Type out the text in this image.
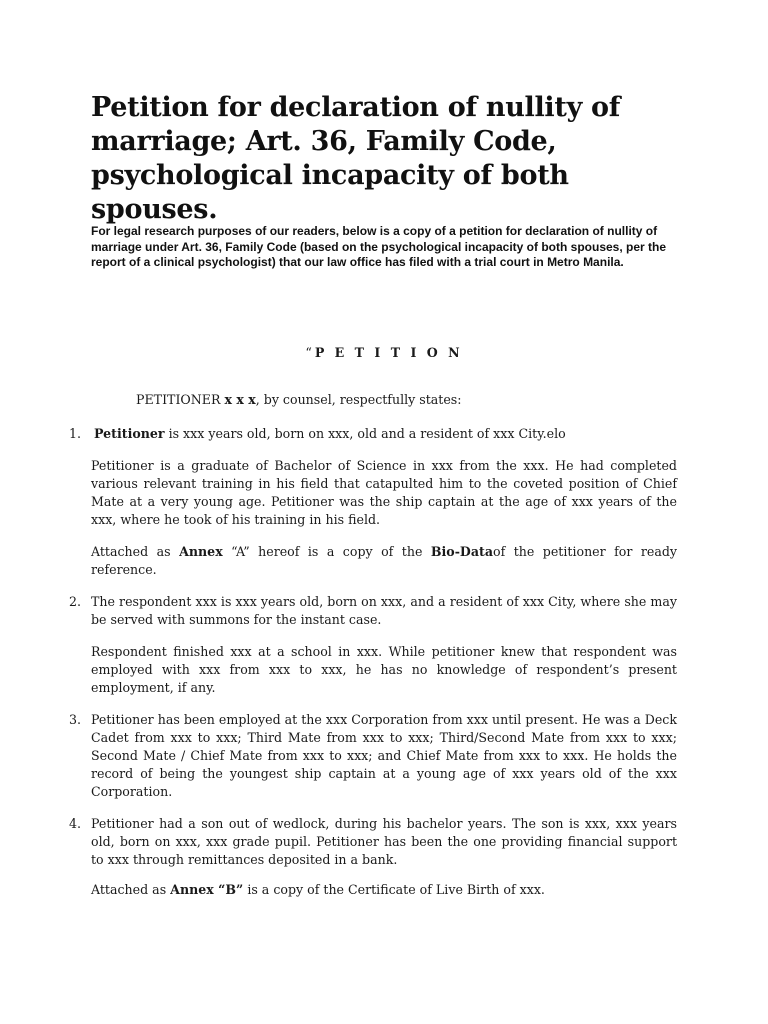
Petition for declaration of nullity of marriage; Art. 36, Family Code, psychological incapacity of both spouses.

For legal research purposes of our readers, below is a copy of a petition for declaration of nullity of marriage under Art. 36, Family Code (based on the psychological incapacity of both spouses, per the report of a clinical psychologist) that our law office has filed with a trial court in Metro Manila.

“P E T I T I O N
PETITIONER x x x, by counsel, respectfully states:
1. Petitioner is xxx years old, born on xxx, old and a resident of xxx City.elo

Petitioner is a graduate of Bachelor of Science in xxx from the xxx. He had completed various relevant training in his field that catapulted him to the coveted position of Chief Mate at a very young age. Petitioner was the ship captain at the age of xxx years of the xxx, where he took of his training in his field.

Attached as Annex “A” hereof is a copy of the Bio-Dataof the petitioner for ready reference.

2. The respondent xxx is xxx years old, born on xxx, and a resident of xxx City, where she may be served with summons for the instant case.

Respondent finished xxx at a school in xxx. While petitioner knew that respondent was employed with xxx from xxx to xxx, he has no knowledge of respondent’s present employment, if any.

3. Petitioner has been employed at the xxx Corporation from xxx until present. He was a Deck Cadet from xxx to xxx; Third Mate from xxx to xxx; Third/Second Mate from xxx to xxx; Second Mate / Chief Mate from xxx to xxx; and Chief Mate from xxx to xxx. He holds the record of being the youngest ship captain at a young age of xxx years old of the xxx Corporation.

4. Petitioner had a son out of wedlock, during his bachelor years. The son is xxx, xxx years old, born on xxx, xxx grade pupil. Petitioner has been the one providing financial support to xxx through remittances deposited in a bank.

Attached as Annex “B” is a copy of the Certificate of Live Birth of xxx.
